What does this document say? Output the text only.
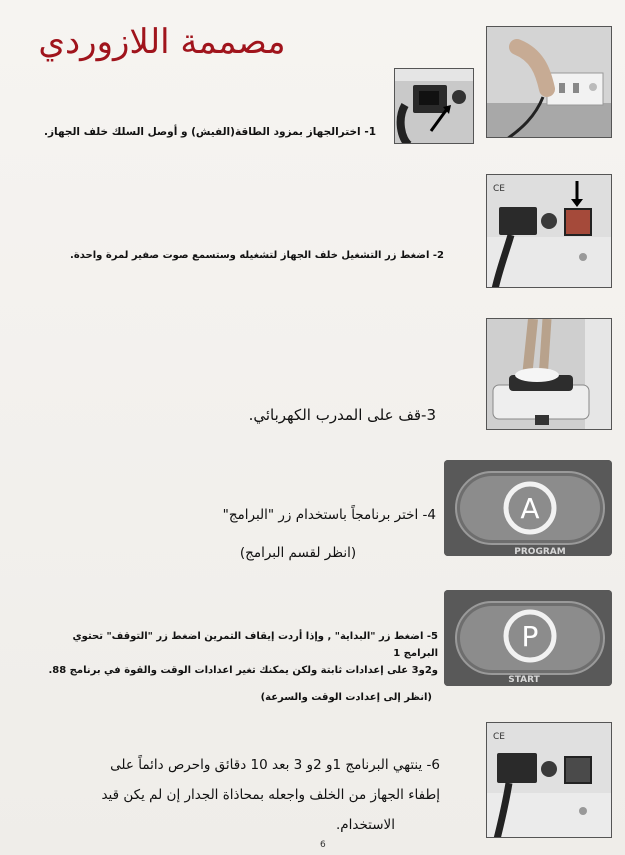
مصممة اللازوردي
1- اخترالجهاز بمزود الطاقة(الفيش) و أوصل السلك خلف الجهاز.
CE
2- اضغط زر التشغيل خلف الجهاز لتشغيله وستسمع صوت صفير لمرة واحدة.
3-قف على المدرب الكهربائي.
A
PROGRAM
4- اختر برنامجاً باستخدام زر "البرامج"
(انظر لقسم البرامج)
P
START
5- اضغط زر "البداية" , وإذا أردت إيقاف التمرين اضغط زر "التوقف" تحتوي البرامج 1
و2و3 على إعدادات ثابتة ولكن يمكنك تغير اعدادات الوقت والقوة في برنامج 88.
(انظر إلى إعدادت الوقت والسرعة)
CE
6- ينتهي البرنامج 1و 2و 3 بعد 10 دقائق واحرص دائماً على
إطفاء الجهاز من الخلف واجعله بمحاذاة الجدار إن لم يكن قيد

الاستخدام.
6
